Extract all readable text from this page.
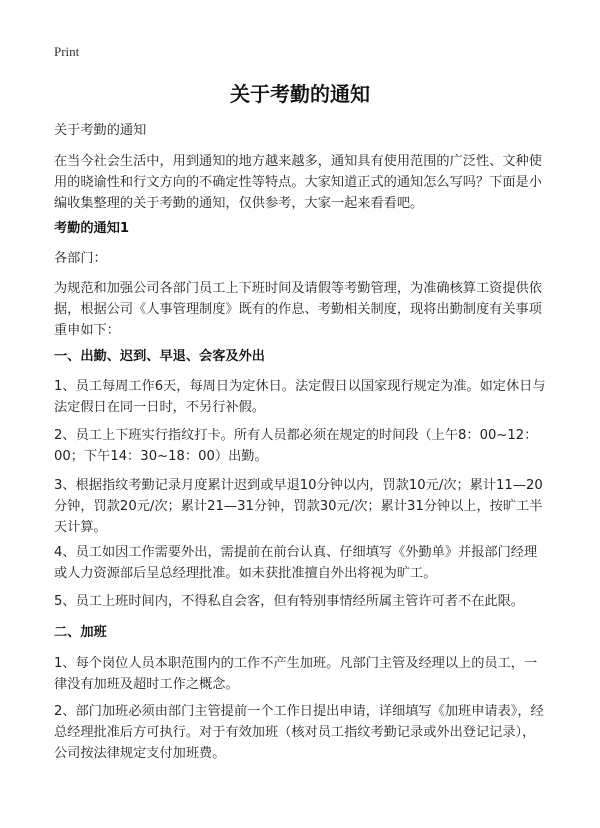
Print
关于考勤的通知

关于考勤的通知

在当今社会生活中，用到通知的地方越来越多，通知具有使用范围的广泛性、文种使用的晓谕性和行文方向的不确定性等特点。大家知道正式的通知怎么写吗？下面是小编收集整理的关于考勤的通知，仅供参考，大家一起来看看吧。

考勤的通知1

各部门：

为规范和加强公司各部门员工上下班时间及请假等考勤管理，为准确核算工资提供依据，根据公司《人事管理制度》既有的作息、考勤相关制度，现将出勤制度有关事项重申如下：

一、出勤、迟到、早退、会客及外出

1、员工每周工作6天，每周日为定休日。法定假日以国家现行规定为准。如定休日与法定假日在同一日时，不另行补假。

2、员工上下班实行指纹打卡。所有人员都必须在规定的时间段（上午8：00~12：00；下午14：30~18：00）出勤。

3、根据指纹考勤记录月度累计迟到或早退10分钟以内，罚款10元/次；累计11—20分钟，罚款20元/次；累计21—31分钟，罚款30元/次；累计31分钟以上，按旷工半天计算。

4、员工如因工作需要外出，需提前在前台认真、仔细填写《外勤单》并报部门经理或人力资源部后呈总经理批准。如未获批准擅自外出将视为旷工。

5、员工上班时间内，不得私自会客，但有特别事情经所属主管许可者不在此限。

二、加班

1、每个岗位人员本职范围内的工作不产生加班。凡部门主管及经理以上的员工，一律没有加班及超时工作之概念。

2、部门加班必须由部门主管提前一个工作日提出申请，详细填写《加班申请表》，经总经理批准后方可执行。对于有效加班（核对员工指纹考勤记录或外出登记记录），公司按法律规定支付加班费。
